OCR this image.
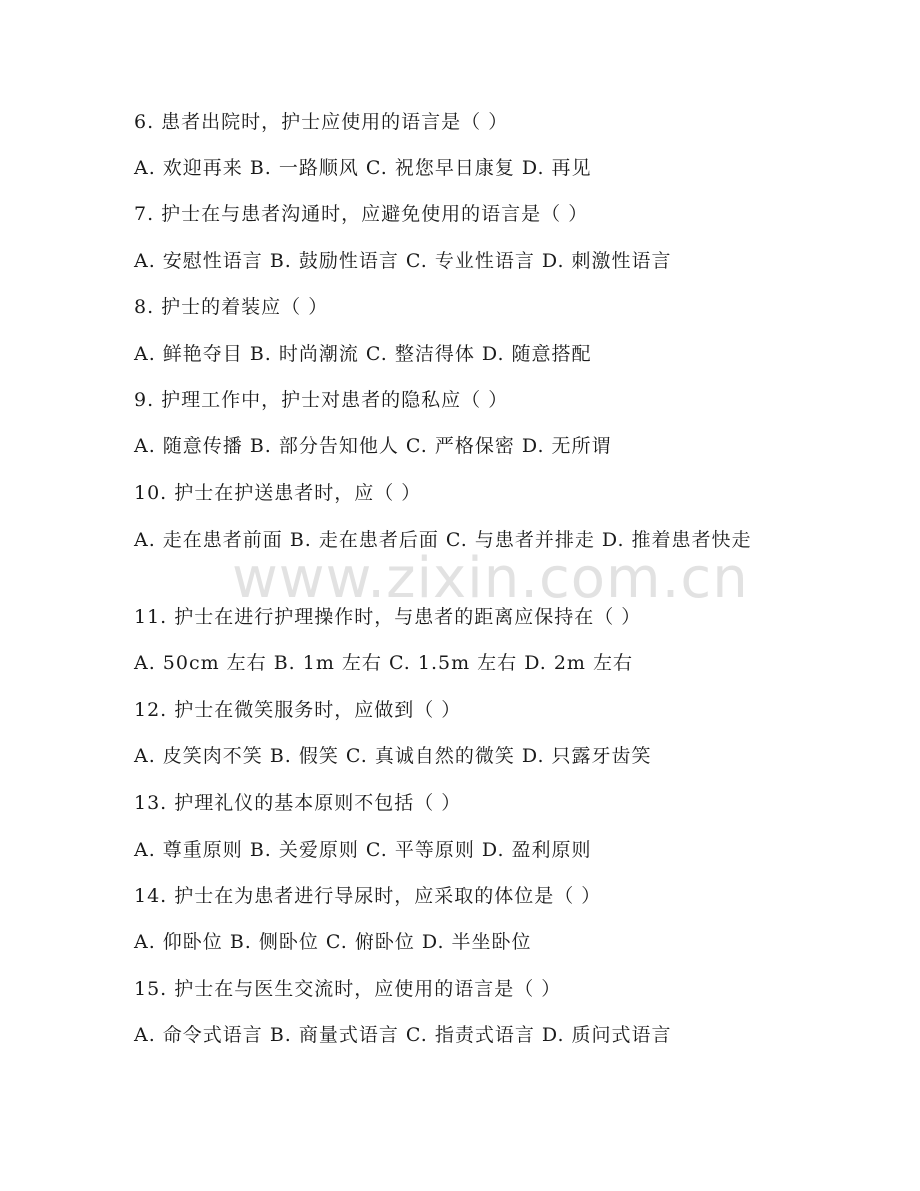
6. 患者出院时，护士应使用的语言是（ ）
A. 欢迎再来 B. 一路顺风 C. 祝您早日康复 D. 再见
7. 护士在与患者沟通时，应避免使用的语言是（ ）
A. 安慰性语言 B. 鼓励性语言 C. 专业性语言 D. 刺激性语言
8. 护士的着装应（ ）
A. 鲜艳夺目 B. 时尚潮流 C. 整洁得体 D. 随意搭配
9. 护理工作中，护士对患者的隐私应（ ）
A. 随意传播 B. 部分告知他人 C. 严格保密 D. 无所谓
10. 护士在护送患者时，应（ ）
A. 走在患者前面 B. 走在患者后面 C. 与患者并排走 D. 推着患者快走
11. 护士在进行护理操作时，与患者的距离应保持在（ ）
A. 50cm 左右 B. 1m 左右 C. 1.5m 左右 D. 2m 左右
12. 护士在微笑服务时，应做到（ ）
A. 皮笑肉不笑 B. 假笑 C. 真诚自然的微笑 D. 只露牙齿笑
13. 护理礼仪的基本原则不包括（ ）
A. 尊重原则 B. 关爱原则 C. 平等原则 D. 盈利原则
14. 护士在为患者进行导尿时，应采取的体位是（ ）
A. 仰卧位 B. 侧卧位 C. 俯卧位 D. 半坐卧位
15. 护士在与医生交流时，应使用的语言是（ ）
A. 命令式语言 B. 商量式语言 C. 指责式语言 D. 质问式语言
www.zixin.com.cn
